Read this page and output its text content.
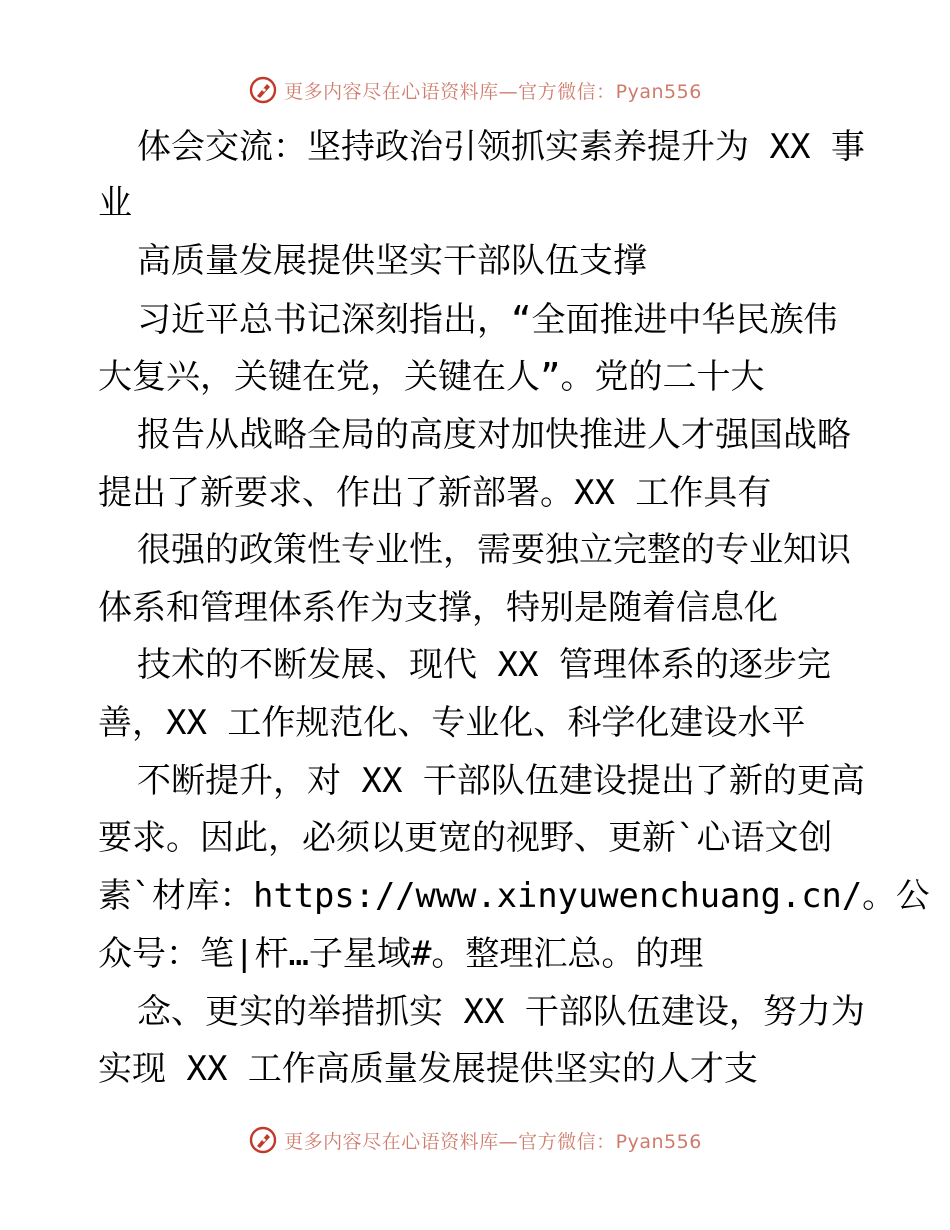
更多内容尽在心语资料库—官方微信：Pyan556
体会交流：坚持政治引领抓实素养提升为 XX 事
业
高质量发展提供坚实干部队伍支撑
习近平总书记深刻指出，“全面推进中华民族伟
大复兴，关键在党，关键在人”。党的二十大
报告从战略全局的高度对加快推进人才强国战略
提出了新要求、作出了新部署。XX 工作具有
很强的政策性专业性，需要独立完整的专业知识
体系和管理体系作为支撑，特别是随着信息化
技术的不断发展、现代 XX 管理体系的逐步完
善，XX 工作规范化、专业化、科学化建设水平
不断提升，对 XX 干部队伍建设提出了新的更高
要求。因此，必须以更宽的视野、更新`心语文创
素`材库：https://www.xinyuwenchuang.cn/。公
众号：笔|杆…子星域#。整理汇总。的理
念、更实的举措抓实 XX 干部队伍建设，努力为
实现 XX 工作高质量发展提供坚实的人才支
更多内容尽在心语资料库—官方微信：Pyan556
